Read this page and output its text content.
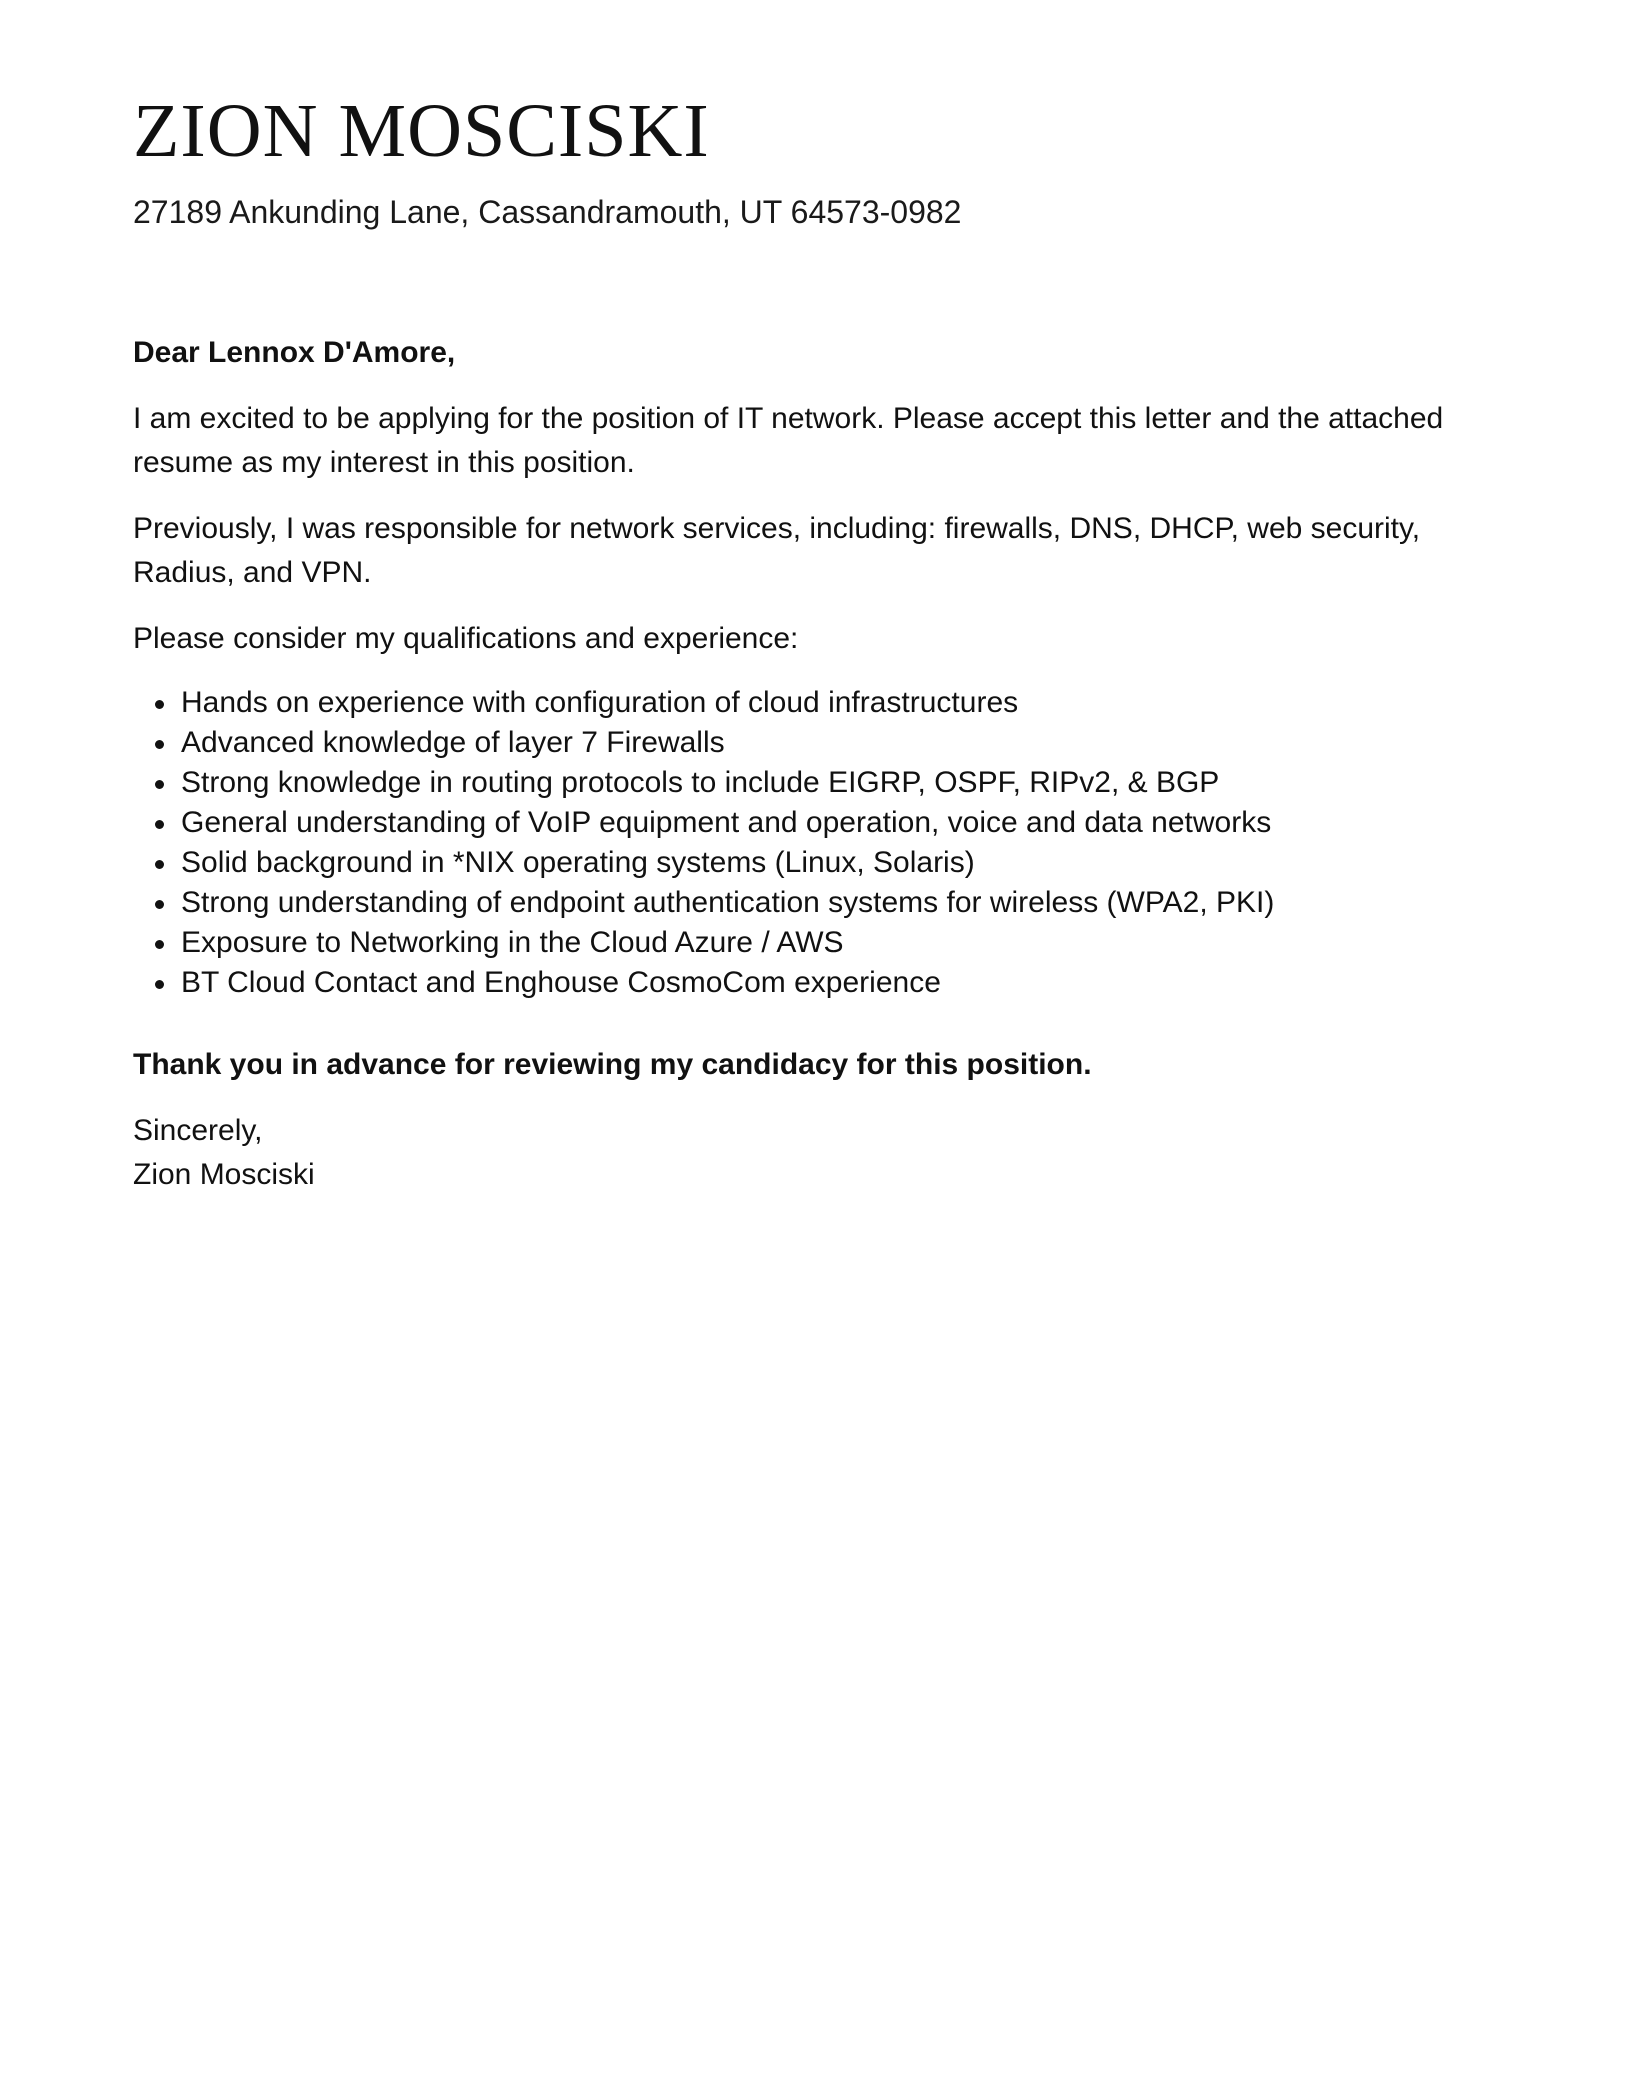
ZION MOSCISKI

27189 Ankunding Lane, Cassandramouth, UT 64573-0982

Dear Lennox D'Amore,

I am excited to be applying for the position of IT network. Please accept this letter and the attached resume as my interest in this position.

Previously, I was responsible for network services, including: firewalls, DNS, DHCP, web security, Radius, and VPN.

Please consider my qualifications and experience:

Hands on experience with configuration of cloud infrastructures
Advanced knowledge of layer 7 Firewalls
Strong knowledge in routing protocols to include EIGRP, OSPF, RIPv2, & BGP
General understanding of VoIP equipment and operation, voice and data networks
Solid background in *NIX operating systems (Linux, Solaris)
Strong understanding of endpoint authentication systems for wireless (WPA2, PKI)
Exposure to Networking in the Cloud Azure / AWS
BT Cloud Contact and Enghouse CosmoCom experience

Thank you in advance for reviewing my candidacy for this position.

Sincerely,
Zion Mosciski
